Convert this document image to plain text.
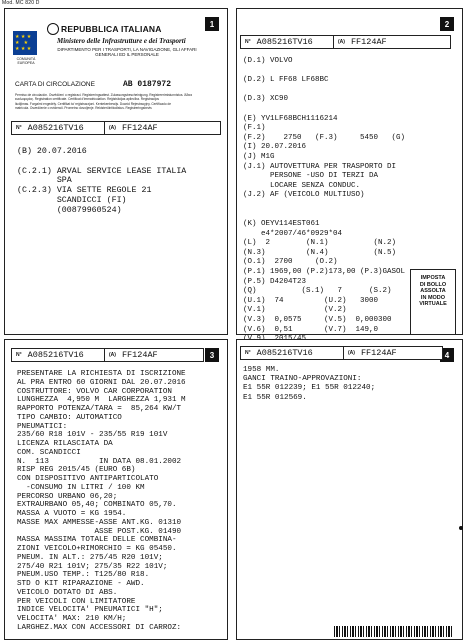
Mod. MC 820 D
1
★ ★ ★ ★ ★ ★ ★ ★
COMUNITÀ EUROPEA
REPUBBLICA ITALIANA
Ministero delle Infrastrutture e dei Trasporti
DIPARTIMENTO PER I TRASPORTI, LA NAVIGAZIONE, GLI AFFARI GENERALI ED IL PERSONALE
CARTA DI CIRCOLAZIONE	AB 0187972
Permiso de circulación. Osvědčení o registraci. Registreringsattest. Zulassungsbescheinigung. Registreerimistunnistus. Άδεια
κυκλοφορίας. Registration certificate. Certificat d'immatriculation. Reģistrācijas apliecība. Registracijos
liudijimas. Forgalmi engedély. Certifikat ta' reġistrazzjoni. Kentekenbewijs. Dowód Rejestracyjny. Certificado de
matrícula. Osvedčenie o evidencii. Prometno dovoljenje. Rekisteröintitodistus. Registreringsbevis
N° A085216TV16	(A) FF124AF
(B) 20.07.2016

(C.2.1) ARVAL SERVICE LEASE ITALIA
SPA
(C.2.3) VIA SETTE REGOLE 21
SCANDICCI (FI)
(00879960524)
2
N° A085216TV16	(A) FF124AF
(D.1) VOLVO

(D.2) L FF68 LF68BC

(D.3) XC90

(E) YV1LF68BCH1116214
(F.1)
(F.2)    2750   (F.3)     5450   (G)
(I) 20.07.2016
(J) M1G
(J.1) AUTOVETTURA PER TRASPORTO DI
PERSONE -USO DI TERZI DA
LOCARE SENZA CONDUC.
(J.2) AF (VEICOLO MULTIUSO)

(K) OEYV114EST061
e4*2007/46*0929*04
(L)  2        (N.1)          (N.2)
(N.3)         (N.4)          (N.5)
(O.1)  2700     (O.2)
(P.1) 1969,00 (P.2)173,00 (P.3)GASOL
(P.5) D4204T23
(Q)          (S.1)   7      (S.2)
(U.1)  74         (U.2)   3000
(V.1)             (V.2)
(V.3)  0,0575     (V.5)  0,000300
(V.6)  0,51       (V.7)  149,0

IMPOSTA
DI BOLLO
ASSOLTA
IN MODO
VIRTUALE
3
N° A085216TV16	(A) FF124AF
PRESENTARE LA RICHIESTA DI ISCRIZIONE
AL PRA ENTRO 60 GIORNI DAL 20.07.2016
COSTRUTTORE: VOLVO CAR CORPORATION
LUNGHEZZA  4,950 M  LARGHEZZA 1,931 M
RAPPORTO POTENZA/TARA =  85,264 KW/T
TIPO CAMBIO: AUTOMATICO
PNEUMATICI:
235/60 R18 101V - 235/55 R19 101V
LICENZA RILASCIATA DA
COM. SCANDICCI
N.  113           IN DATA 08.01.2002
RISP REG 2015/45 (EURO 6B)
CON DISPOSITIVO ANTIPARTICOLATO
-CONSUMO IN LITRI / 100 KM
PERCORSO URBANO 06,20;
EXTRAURBANO 05,40; COMBINATO 05,70.
MASSA A VUOTO = KG 1954.
MASSE MAX AMMESSE-ASSE ANT.KG. 01310
ASSE POST.KG. 01490
MASSA MASSIMA TOTALE DELLE COMBINA-
ZIONI VEICOLO+RIMORCHIO = KG 05450.
PNEUM. IN ALT.: 275/45 R20 101V;
275/40 R21 101V; 275/35 R22 101V;
PNEUM.USO TEMP.: T125/80 R18.
STD O KIT RIPARAZIONE - AWD.
VEICOLO DOTATO DI ABS.
PER VEICOLI CON LIMITATORE
INDICE VELOCITA' PNEUMATICI "H";
VELOCITA' MAX: 210 KM/H;
LARGHEZ.MAX CON ACCESSORI DI CARROZ:
4
N° A085216TV16	(A) FF124AF
1958 MM.
GANCI TRAINO-APPROVAZIONI:
E1 55R 012239; E1 55R 012240;
E1 55R 012569.
